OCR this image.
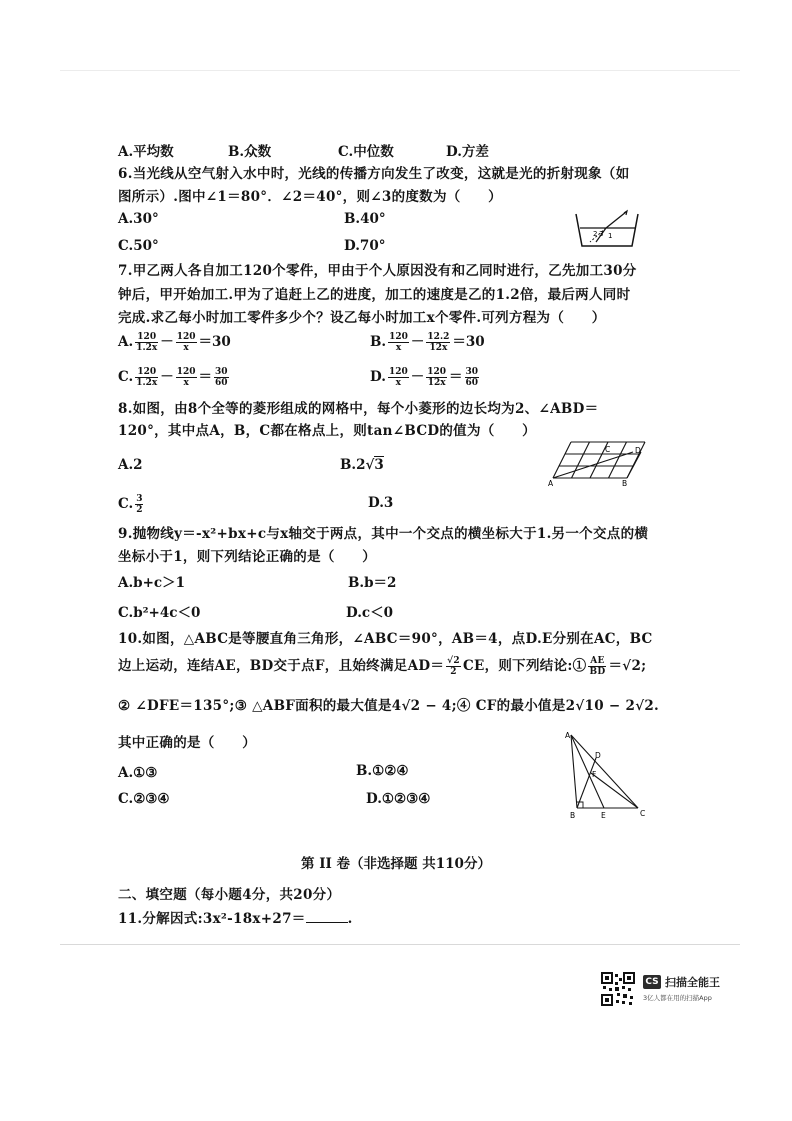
A.平均数	B.众数	C.中位数	D.方差
6.当光线从空气射入水中时，光线的传播方向发生了改变，这就是光的折射现象（如
图所示）.图中∠1＝80°．∠2＝40°，则∠3的度数为（　　）
A.30°	B.40°
C.50°	D.70°
2 3 1
7.甲乙两人各自加工120个零件，甲由于个人原因没有和乙同时进行，乙先加工30分
钟后，甲开始加工.甲为了追赶上乙的进度，加工的速度是乙的1.2倍，最后两人同时
完成.求乙每小时加工零件多少个？设乙每小时加工x个零件.可列方程为（　　）
A. $\frac{120}{1.2x} - \frac{120}{x} =30$	B. $\frac{120}{x} - \frac{12.2}{12x} =30$
C. $\frac{120}{1.2x} - \frac{120}{x} = \frac{30}{60}$	D. $\frac{120}{x} - \frac{120}{12x} = \frac{30}{60}$
8.如图，由8个全等的菱形组成的网格中，每个小菱形的边长均为2、∠ABD＝
120°，其中点A，B，C都在格点上，则tan∠BCD的值为（　　）
A.2	B.2√3
C. $\frac{3}{2}$	D.3
A	B
C	D
9.抛物线y＝-x²+bx+c与x轴交于两点，其中一个交点的横坐标大于1.另一个交点的横
坐标小于1，则下列结论正确的是（　　）
A.b+c＞1	B.b＝2
C.b²+4c＜0	D.c＜0
10.如图，△ABC是等腰直角三角形，∠ABC＝90°，AB＝4，点D.E分别在AC，BC
边上运动，连结AE，BD交于点F，且始终满足$AD= \frac{√2}{2}$ CE，则下列结论:① $\frac{AE}{BD} =√2$;
② ∠DFE＝135°;③ △ABF面积的最大值是4√2 − 4;④ CF的最小值是2√10 − 2√2.
其中正确的是（　　）
A.①③	B.①②④
C.②③④	D.①②③④
A
D
F
B	E	C
第 II 卷（非选择题 共110分）
二、填空题（每小题4分，共20分）
11.分解因式:3x²-18x+27＝	.
CS 扫描全能王
3亿人都在用的扫描App
